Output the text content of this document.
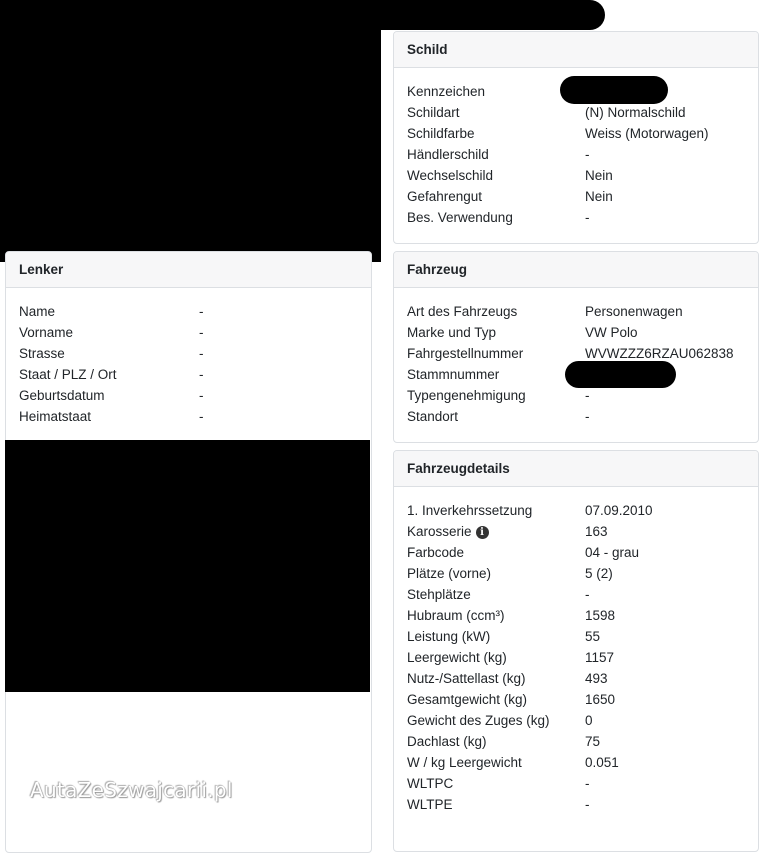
Lenker
Name	-
Vorname	-
Strasse	-
Staat / PLZ / Ort	-
Geburtsdatum	-
Heimatstaat	-
Schild
Kennzeichen
Schildart	(N) Normalschild
Schildfarbe	Weiss (Motorwagen)
Händlerschild	-
Wechselschild	Nein
Gefahrengut	Nein
Bes. Verwendung	-
Fahrzeug
Art des Fahrzeugs	Personenwagen
Marke und Typ	VW Polo
Fahrgestellnummer	WVWZZZ6RZAU062838
Stammnummer
Typengenehmigung	-
Standort	-
Fahrzeugdetails
1. Inverkehrssetzung	07.09.2010
Karosserie i	163
Farbcode	04 - grau
Plätze (vorne)	5 (2)
Stehplätze	-
Hubraum (ccm³)	1598
Leistung (kW)	55
Leergewicht (kg)	1157
Nutz-/Sattellast (kg)	493
Gesamtgewicht (kg)	1650
Gewicht des Zuges (kg)	0
Dachlast (kg)	75
W / kg Leergewicht	0.051
WLTPC	-
WLTPE	-
AutaZeSzwajcarii.pl
